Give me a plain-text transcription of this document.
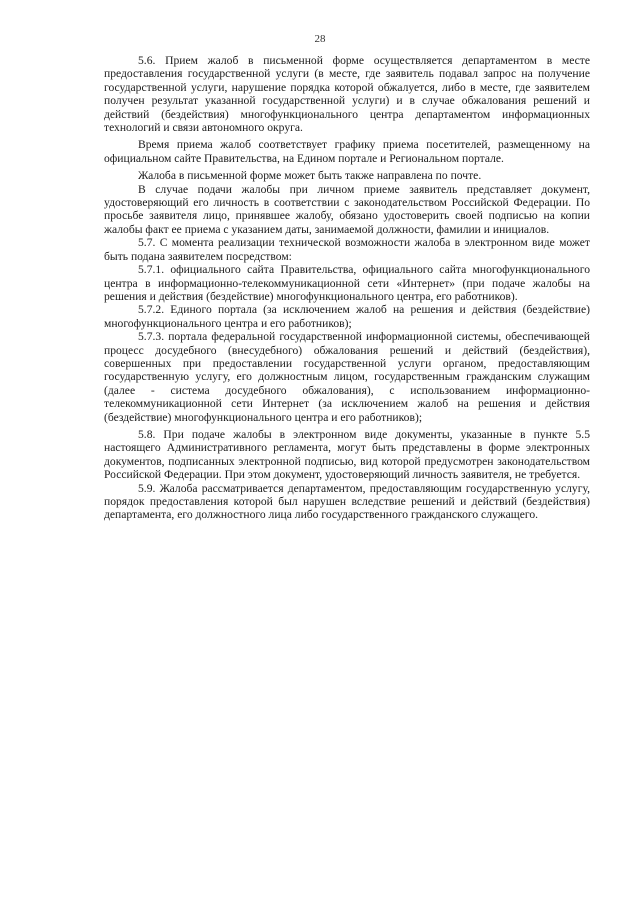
28

5.6. Прием жалоб в письменной форме осуществляется департаментом в месте предоставления государственной услуги (в месте, где заявитель подавал запрос на получение государственной услуги, нарушение порядка которой обжалуется, либо в месте, где заявителем получен результат указанной государственной услуги) и в случае обжалования решений и действий (бездействия) многофункционального центра департаментом информационных технологий и связи автономного округа.

Время приема жалоб соответствует графику приема посетителей, размещенному на официальном сайте Правительства, на Едином портале и Региональном портале.

Жалоба в письменной форме может быть также направлена по почте.

В случае подачи жалобы при личном приеме заявитель представляет документ, удостоверяющий его личность в соответствии с законодательством Российской Федерации. По просьбе заявителя лицо, принявшее жалобу, обязано удостоверить своей подписью на копии жалобы факт ее приема с указанием даты, занимаемой должности, фамилии и инициалов.

5.7. С момента реализации технической возможности жалоба в электронном виде может быть подана заявителем посредством:

5.7.1. официального сайта Правительства, официального сайта многофункционального центра в информационно-телекоммуникационной сети «Интернет» (при подаче жалобы на решения и действия (бездействие) многофункционального центра, его работников).

5.7.2. Единого портала (за исключением жалоб на решения и действия (бездействие) многофункционального центра и его работников);

5.7.3. портала федеральной государственной информационной системы, обеспечивающей процесс досудебного (внесудебного) обжалования решений и действий (бездействия), совершенных при предоставлении государственной услуги органом, предоставляющим государственную услугу, его должностным лицом, государственным гражданским служащим (далее - система досудебного обжалования), с использованием информационно-телекоммуникационной сети Интернет (за исключением жалоб на решения и действия (бездействие) многофункционального центра и его работников);

5.8. При подаче жалобы в электронном виде документы, указанные в пункте 5.5 настоящего Административного регламента, могут быть представлены в форме электронных документов, подписанных электронной подписью, вид которой предусмотрен законодательством Российской Федерации. При этом документ, удостоверяющий личность заявителя, не требуется.

5.9. Жалоба рассматривается департаментом, предоставляющим государственную услугу, порядок предоставления которой был нарушен вследствие решений и действий (бездействия) департамента, его должностного лица либо государственного гражданского служащего.
